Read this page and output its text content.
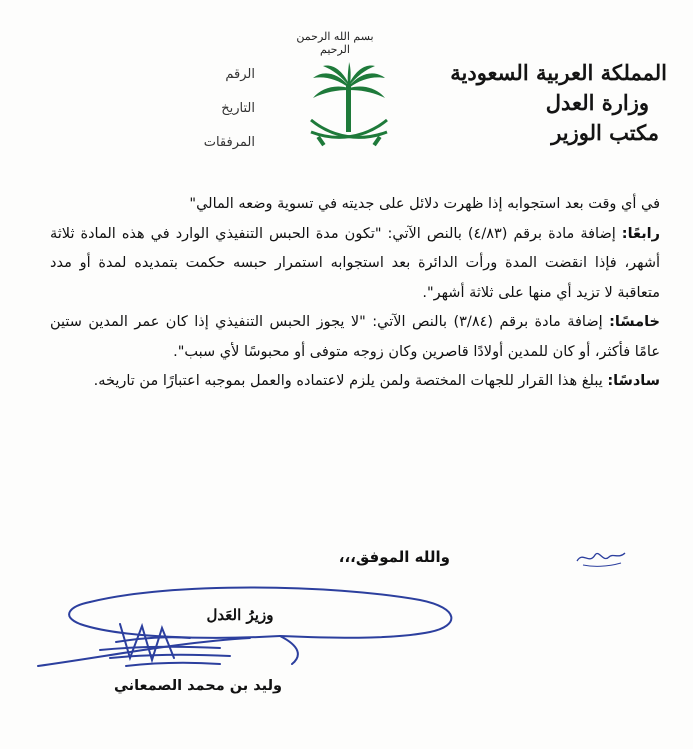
بسم الله الرحمن الرحيم
المملكة العربية السعودية
وزارة العدل
مكتب الوزير
الرقم
التاريخ
المرفقات

في أي وقت بعد استجوابه إذا ظهرت دلائل على جديته في تسوية وضعه المالي"

رابعًا: إضافة مادة برقم (٤/٨٣) بالنص الآتي: "تكون مدة الحبس التنفيذي الوارد في هذه المادة ثلاثة أشهر، فإذا انقضت المدة ورأت الدائرة بعد استجوابه استمرار حبسه حكمت بتمديده لمدة أو مدد متعاقبة لا تزيد أي منها على ثلاثة أشهر".

خامسًا: إضافة مادة برقم (٣/٨٤) بالنص الآتي: "لا يجوز الحبس التنفيذي إذا كان عمر المدين ستين عامًا فأكثر، أو كان للمدين أولادًا قاصرين وكان زوجه متوفى أو محبوسًا لأي سبب".

سادسًا: يبلغ هذا القرار للجهات المختصة ولمن يلزم لاعتماده والعمل بموجبه اعتبارًا من تاريخه.

والله الموفق،،،
وزيرُ العَدل
وليد بن محمد الصمعاني
